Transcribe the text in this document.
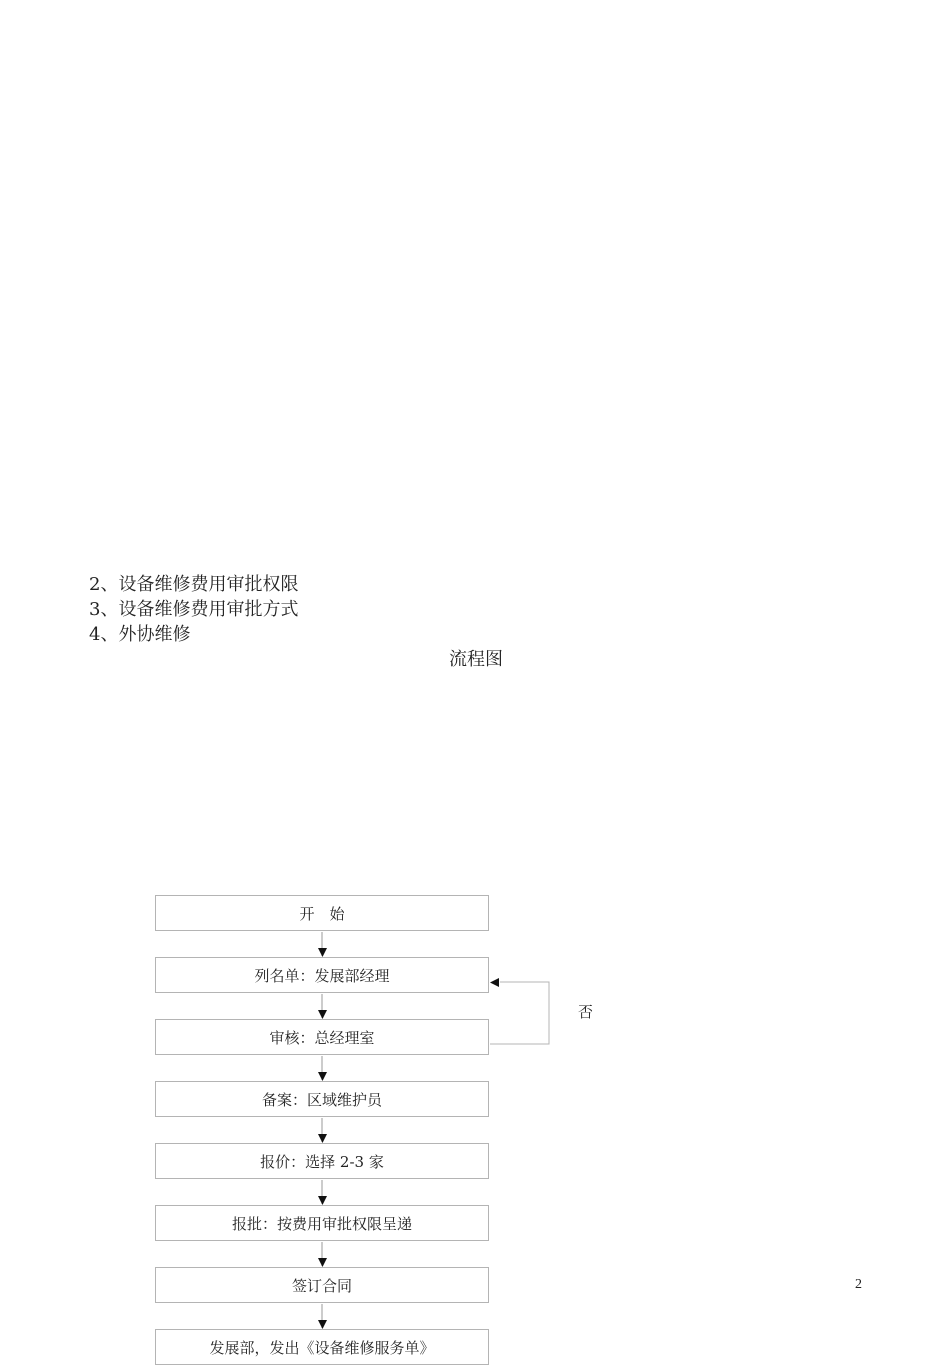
2、设备维修费用审批权限
3、设备维修费用审批方式
4、外协维修
流程图
开　始
列名单：发展部经理
审核：总经理室
备案：区域维护员
报价：选择 2-3 家
报批：按费用审批权限呈递
签订合同
发展部，发出《设备维修服务单》
否
2
